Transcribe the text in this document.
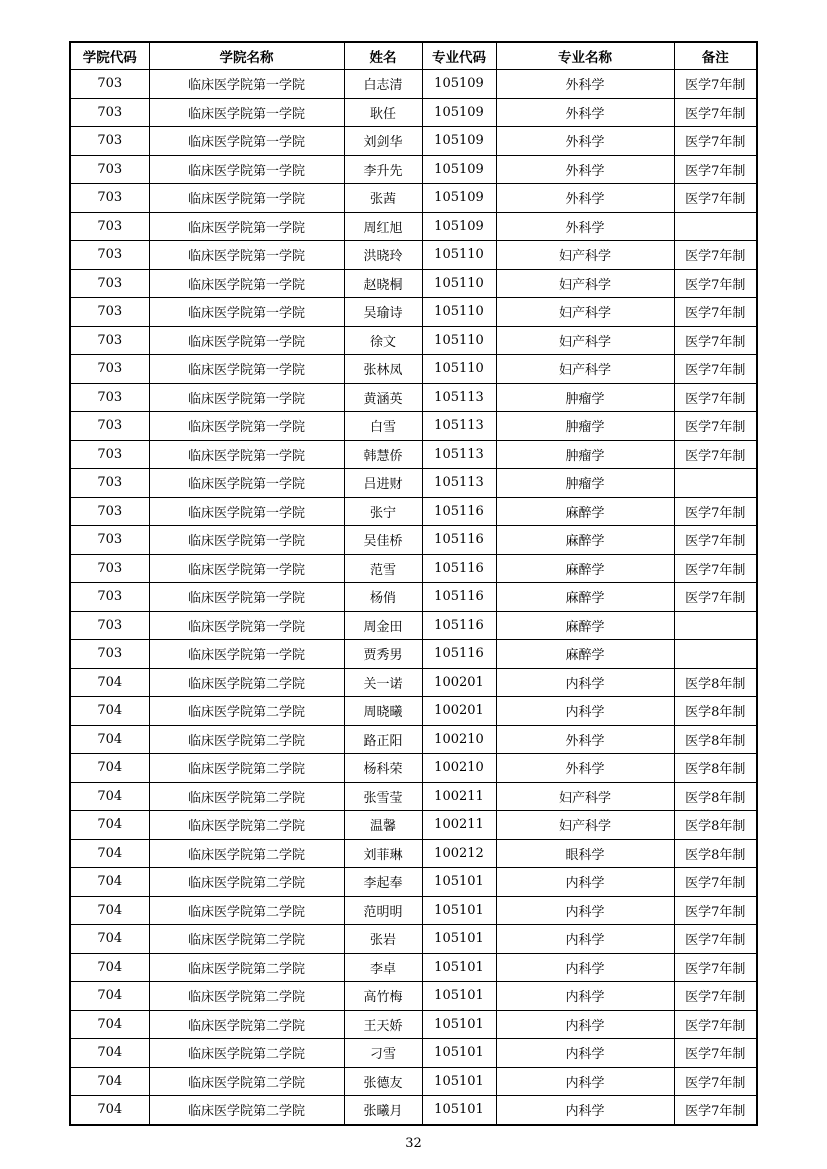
学院代码	学院名称	姓名	专业代码	专业名称	备注
703	临床医学院第一学院	白志清	105109	外科学	医学7年制
703	临床医学院第一学院	耿任	105109	外科学	医学7年制
703	临床医学院第一学院	刘剑华	105109	外科学	医学7年制
703	临床医学院第一学院	李升先	105109	外科学	医学7年制
703	临床医学院第一学院	张茜	105109	外科学	医学7年制
703	临床医学院第一学院	周红旭	105109	外科学	
703	临床医学院第一学院	洪晓玲	105110	妇产科学	医学7年制
703	临床医学院第一学院	赵晓桐	105110	妇产科学	医学7年制
703	临床医学院第一学院	吴瑜诗	105110	妇产科学	医学7年制
703	临床医学院第一学院	徐文	105110	妇产科学	医学7年制
703	临床医学院第一学院	张林凤	105110	妇产科学	医学7年制
703	临床医学院第一学院	黄涵英	105113	肿瘤学	医学7年制
703	临床医学院第一学院	白雪	105113	肿瘤学	医学7年制
703	临床医学院第一学院	韩慧侨	105113	肿瘤学	医学7年制
703	临床医学院第一学院	吕进财	105113	肿瘤学	
703	临床医学院第一学院	张宁	105116	麻醉学	医学7年制
703	临床医学院第一学院	吴佳桥	105116	麻醉学	医学7年制
703	临床医学院第一学院	范雪	105116	麻醉学	医学7年制
703	临床医学院第一学院	杨俏	105116	麻醉学	医学7年制
703	临床医学院第一学院	周金田	105116	麻醉学	
703	临床医学院第一学院	贾秀男	105116	麻醉学	
704	临床医学院第二学院	关一诺	100201	内科学	医学8年制
704	临床医学院第二学院	周晓曦	100201	内科学	医学8年制
704	临床医学院第二学院	路正阳	100210	外科学	医学8年制
704	临床医学院第二学院	杨科荣	100210	外科学	医学8年制
704	临床医学院第二学院	张雪莹	100211	妇产科学	医学8年制
704	临床医学院第二学院	温馨	100211	妇产科学	医学8年制
704	临床医学院第二学院	刘菲琳	100212	眼科学	医学8年制
704	临床医学院第二学院	李起奉	105101	内科学	医学7年制
704	临床医学院第二学院	范明明	105101	内科学	医学7年制
704	临床医学院第二学院	张岩	105101	内科学	医学7年制
704	临床医学院第二学院	李卓	105101	内科学	医学7年制
704	临床医学院第二学院	高竹梅	105101	内科学	医学7年制
704	临床医学院第二学院	王天娇	105101	内科学	医学7年制
704	临床医学院第二学院	刁雪	105101	内科学	医学7年制
704	临床医学院第二学院	张德友	105101	内科学	医学7年制
704	临床医学院第二学院	张曦月	105101	内科学	医学7年制
32
